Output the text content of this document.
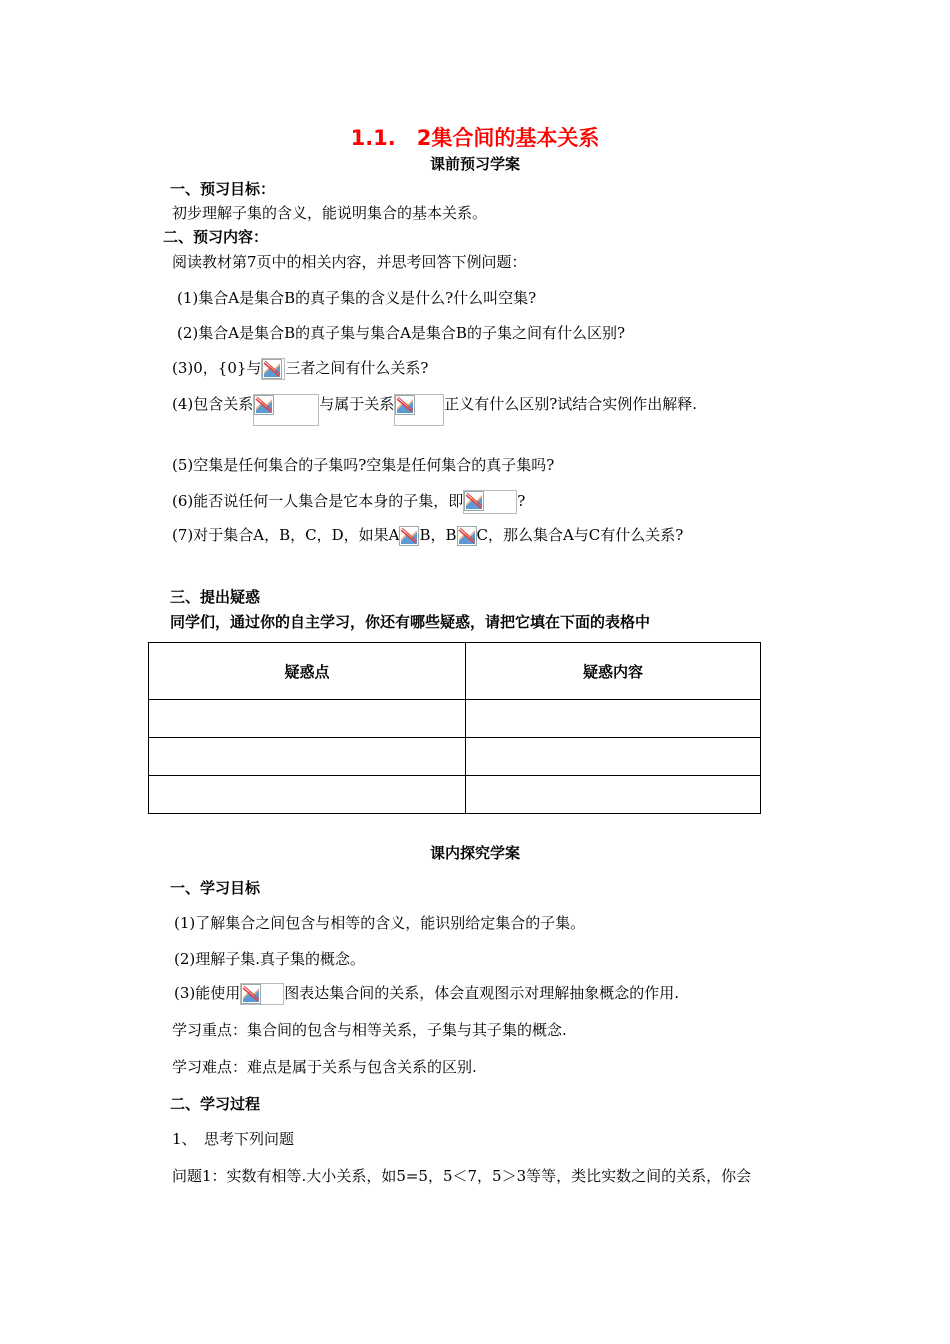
1.1.　2集合间的基本关系
课前预习学案
一、预习目标：
初步理解子集的含义，能说明集合的基本关系。
二、预习内容：
阅读教材第7页中的相关内容，并思考回答下例问题：
(1)集合A是集合B的真子集的含义是什么?什么叫空集?
(2)集合A是集合B的真子集与集合A是集合B的子集之间有什么区别?
(3)0，{0}与 三者之间有什么关系?
(4)包含关系	与属于关系	正义有什么区别?试结合实例作出解释.
(5)空集是任何集合的子集吗?空集是任何集合的真子集吗?
(6)能否说任何一人集合是它本身的子集，即	?
(7)对于集合A，B，C，D，如果A B，B C，那么集合A与C有什么关系?
三、提出疑惑
同学们，通过你的自主学习，你还有哪些疑惑，请把它填在下面的表格中
疑惑点	疑惑内容

课内探究学案
一、学习目标
(1)了解集合之间包含与相等的含义，能识别给定集合的子集。
(2)理解子集.真子集的概念。
(3)能使用	图表达集合间的关系，体会直观图示对理解抽象概念的作用.
学习重点：集合间的包含与相等关系，子集与其子集的概念.
学习难点：难点是属于关系与包含关系的区别.
二、学习过程
1、　思考下列问题
问题1：实数有相等.大小关系，如5=5，5＜7，5＞3等等，类比实数之间的关系，你会
